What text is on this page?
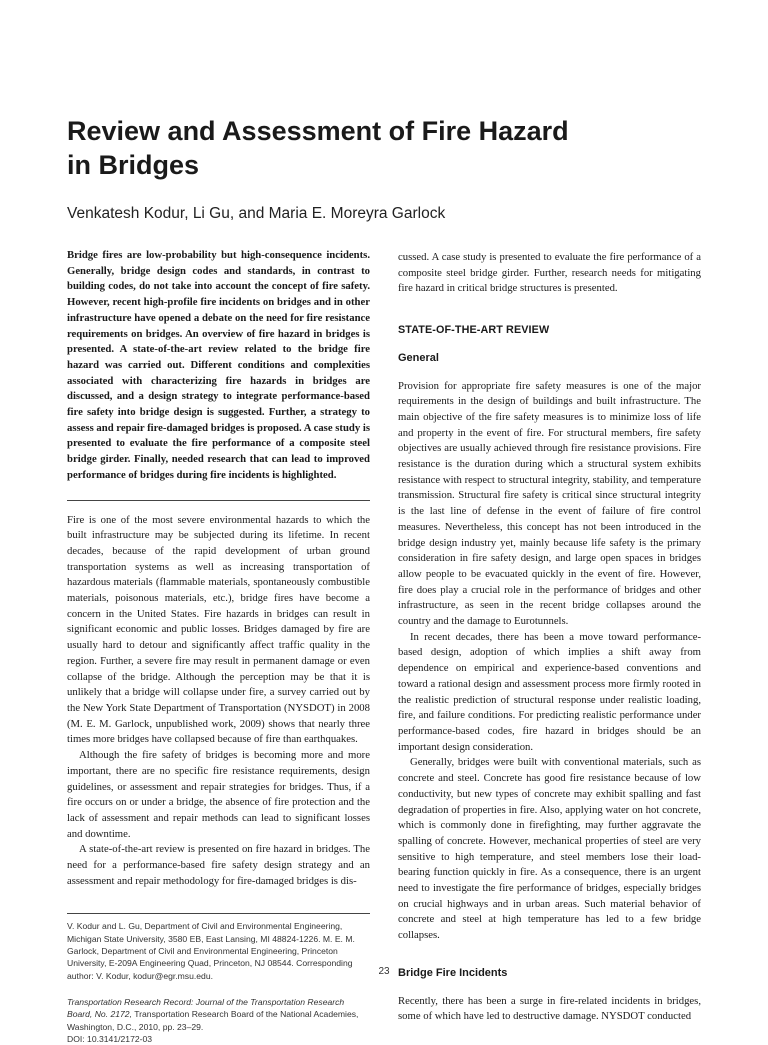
Review and Assessment of Fire Hazard
in Bridges
Venkatesh Kodur, Li Gu, and Maria E. Moreyra Garlock

Bridge fires are low-probability but high-consequence incidents. Generally, bridge design codes and standards, in contrast to building codes, do not take into account the concept of fire safety. However, recent high-profile fire incidents on bridges and in other infrastructure have opened a debate on the need for fire resistance requirements on bridges. An overview of fire hazard in bridges is presented. A state-of-the-art review related to the bridge fire hazard was carried out. Different conditions and complexities associated with characterizing fire hazards in bridges are discussed, and a design strategy to integrate performance-based fire safety into bridge design is suggested. Further, a strategy to assess and repair fire-damaged bridges is proposed. A case study is presented to evaluate the fire performance of a composite steel bridge girder. Finally, needed research that can lead to improved performance of bridges during fire incidents is highlighted.

Fire is one of the most severe environmental hazards to which the built infrastructure may be subjected during its lifetime. In recent decades, because of the rapid development of urban ground transportation systems as well as increasing transportation of hazardous materials (flammable materials, spontaneously combustible materials, poisonous materials, etc.), bridge fires have become a concern in the United States. Fire hazards in bridges can result in significant economic and public losses. Bridges damaged by fire are usually hard to detour and significantly affect traffic quality in the region. Further, a severe fire may result in permanent damage or even collapse of the bridge. Although the perception may be that it is unlikely that a bridge will collapse under fire, a survey carried out by the New York State Department of Transportation (NYSDOT) in 2008 (M. E. M. Garlock, unpublished work, 2009) shows that nearly three times more bridges have collapsed because of fire than earthquakes.

Although the fire safety of bridges is becoming more and more important, there are no specific fire resistance requirements, design guidelines, or assessment and repair strategies for bridges. Thus, if a fire occurs on or under a bridge, the absence of fire protection and the lack of assessment and repair methods can lead to significant losses and downtime.

A state-of-the-art review is presented on fire hazard in bridges. The need for a performance-based fire safety design strategy and an assessment and repair methodology for fire-damaged bridges is dis-

V. Kodur and L. Gu, Department of Civil and Environmental Engineering, Michigan State University, 3580 EB, East Lansing, MI 48824-1226. M. E. M. Garlock, Department of Civil and Environmental Engineering, Princeton University, E-209A Engineering Quad, Princeton, NJ 08544. Corresponding author: V. Kodur, kodur@egr.msu.edu.

Transportation Research Record: Journal of the Transportation Research Board, No. 2172, Transportation Research Board of the National Academies, Washington, D.C., 2010, pp. 23–29.
DOI: 10.3141/2172-03

cussed. A case study is presented to evaluate the fire performance of a composite steel bridge girder. Further, research needs for mitigating fire hazard in critical bridge structures is presented.

STATE-OF-THE-ART REVIEW
General

Provision for appropriate fire safety measures is one of the major requirements in the design of buildings and built infrastructure. The main objective of the fire safety measures is to minimize loss of life and property in the event of fire. For structural members, fire safety objectives are usually achieved through fire resistance provisions. Fire resistance is the duration during which a structural system exhibits resistance with respect to structural integrity, stability, and temperature transmission. Structural fire safety is critical since structural integrity is the last line of defense in the event of failure of fire control measures. Nevertheless, this concept has not been introduced in the bridge design industry yet, mainly because life safety is the primary consideration in fire safety design, and large open spaces in bridges allow people to be evacuated quickly in the event of fire. However, fire does play a crucial role in the performance of bridges and other infrastructure, as seen in the recent bridge collapses around the country and the damage to Eurotunnels.

In recent decades, there has been a move toward performance-based design, adoption of which implies a shift away from dependence on empirical and experience-based conventions and toward a rational design and assessment process more firmly rooted in the realistic prediction of structural response under realistic loading, fire, and failure conditions. For predicting realistic performance under performance-based codes, fire hazard in bridges should be an important design consideration.

Generally, bridges were built with conventional materials, such as concrete and steel. Concrete has good fire resistance because of low conductivity, but new types of concrete may exhibit spalling and fast degradation of properties in fire. Also, applying water on hot concrete, which is commonly done in firefighting, may further aggravate the spalling of concrete. However, mechanical properties of steel are very sensitive to high temperature, and steel members lose their load-bearing function quickly in fire. As a consequence, there is an urgent need to investigate the fire performance of bridges, especially bridges on crucial highways and in urban areas. Such material behavior of concrete and steel at high temperature has led to a few bridge collapses.

Bridge Fire Incidents

Recently, there has been a surge in fire-related incidents in bridges, some of which have led to destructive damage. NYSDOT conducted

23
